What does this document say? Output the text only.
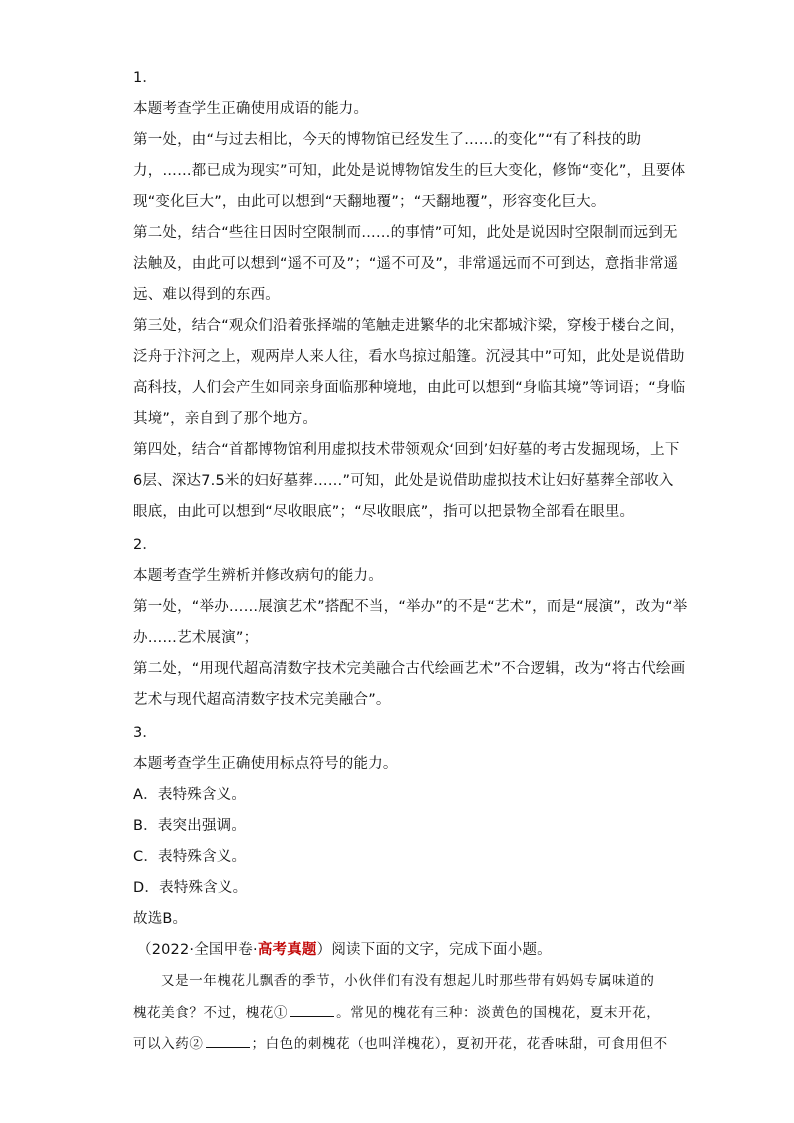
1．
本题考查学生正确使用成语的能力。
第一处，由“与过去相比，今天的博物馆已经发生了……的变化”“有了科技的助
力，……都已成为现实”可知，此处是说博物馆发生的巨大变化，修饰“变化”，且要体
现“变化巨大”，由此可以想到“天翻地覆”；“天翻地覆”，形容变化巨大。
第二处，结合“些往日因时空限制而……的事情”可知，此处是说因时空限制而远到无
法触及，由此可以想到“遥不可及”；“遥不可及”，非常遥远而不可到达，意指非常遥
远、难以得到的东西。
第三处，结合“观众们沿着张择端的笔触走进繁华的北宋都城汴梁，穿梭于楼台之间，
泛舟于汴河之上，观两岸人来人往，看水鸟掠过船篷。沉浸其中”可知，此处是说借助
高科技，人们会产生如同亲身面临那种境地，由此可以想到“身临其境”等词语；“身临
其境”，亲自到了那个地方。
第四处，结合“首都博物馆利用虚拟技术带领观众‘回到’妇好墓的考古发掘现场，上下
6层、深达7.5米的妇好墓葬……”可知，此处是说借助虚拟技术让妇好墓葬全部收入
眼底，由此可以想到“尽收眼底”；“尽收眼底”，指可以把景物全部看在眼里。
2．
本题考查学生辨析并修改病句的能力。
第一处，“举办……展演艺术”搭配不当，“举办”的不是“艺术”，而是“展演”，改为“举
办……艺术展演”；
第二处，“用现代超高清数字技术完美融合古代绘画艺术”不合逻辑，改为“将古代绘画
艺术与现代超高清数字技术完美融合”。
3．
本题考查学生正确使用标点符号的能力。
A．表特殊含义。
B．表突出强调。
C．表特殊含义。
D．表特殊含义。
故选B。
（2022·全国甲卷·高考真题）阅读下面的文字，完成下面小题。
又是一年槐花儿飘香的季节，小伙伴们有没有想起儿时那些带有妈妈专属味道的
槐花美食？不过，槐花①	。常见的槐花有三种：淡黄色的国槐花，夏末开花，
可以入药②	；白色的刺槐花（也叫洋槐花），夏初开花，花香味甜，可食用但不
